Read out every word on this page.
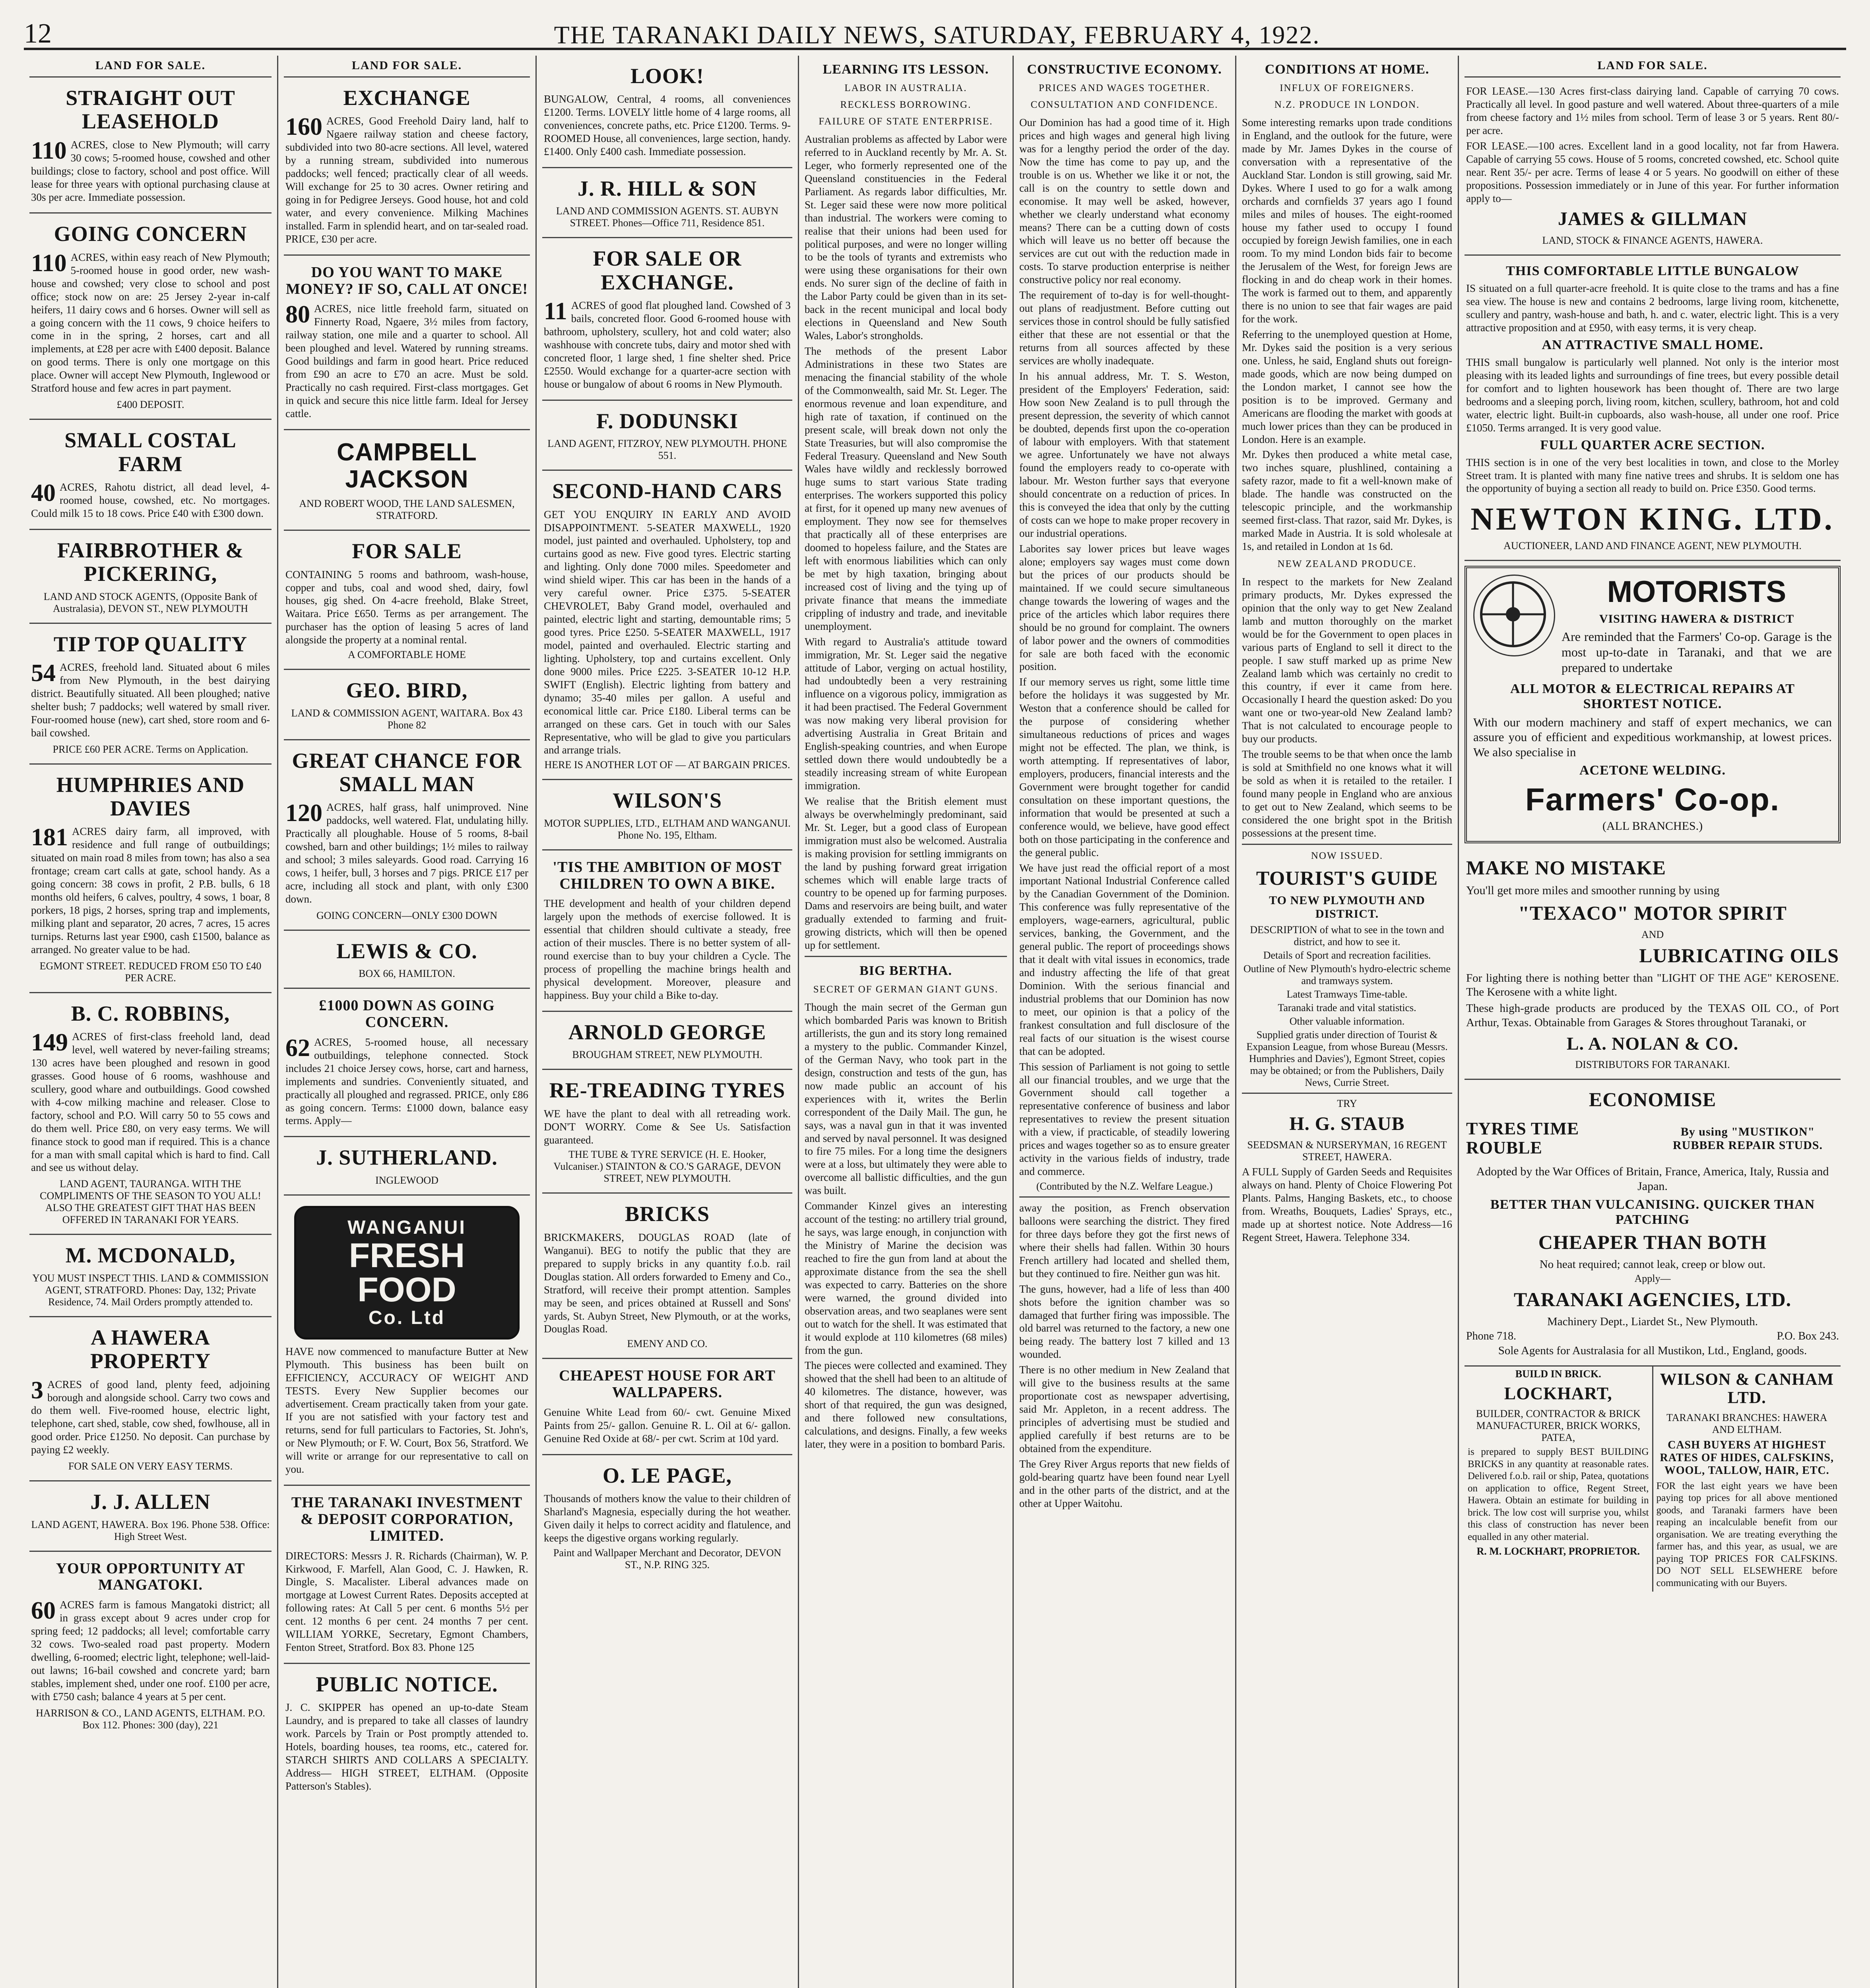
12	THE TARANAKI DAILY NEWS, SATURDAY, FEBRUARY 4, 1922.
LAND FOR SALE.
STRAIGHT OUT LEASEHOLD
110 ACRES, close to New Plymouth; will carry 30 cows; 5-roomed house, cowshed and other buildings; close to factory, school and post office. Will lease for three years with optional purchasing clause at 30s per acre. Immediate possession.
GOING CONCERN
110 ACRES, within easy reach of New Plymouth; 5-roomed house in good order, new wash-house and cowshed; very close to school and post office; stock now on are: 25 Jersey 2-year in-calf heifers, 11 dairy cows and 6 horses. Owner will sell as a going concern with the 11 cows, 9 choice heifers to come in in the spring, 2 horses, cart and all implements, at £28 per acre with £400 deposit. Balance on good terms. There is only one mortgage on this place. Owner will accept New Plymouth, Inglewood or Stratford house and few acres in part payment.
£400 DEPOSIT.
SMALL COSTAL FARM
40 ACRES, Rahotu district, all dead level, 4-roomed house, cowshed, etc. No mortgages. Could milk 15 to 18 cows. Price £40 with £300 down.
FAIRBROTHER & PICKERING,
LAND AND STOCK AGENTS, (Opposite Bank of Australasia), DEVON ST., NEW PLYMOUTH
TIP TOP QUALITY
54 ACRES, freehold land. Situated about 6 miles from New Plymouth, in the best dairying district. Beautifully situated. All been ploughed; native shelter bush; 7 paddocks; well watered by small river. Four-roomed house (new), cart shed, store room and 6-bail cowshed.
PRICE £60 PER ACRE. Terms on Application.
HUMPHRIES AND DAVIES
181 ACRES dairy farm, all improved, with residence and full range of outbuildings; situated on main road 8 miles from town; has also a sea frontage; cream cart calls at gate, school handy. As a going concern: 38 cows in profit, 2 P.B. bulls, 6 18 months old heifers, 6 calves, poultry, 4 sows, 1 boar, 8 porkers, 18 pigs, 2 horses, spring trap and implements, milking plant and separator, 20 acres, 7 acres, 15 acres turnips. Returns last year £900, cash £1500, balance as arranged. No greater value to be had.
EGMONT STREET. REDUCED FROM £50 TO £40 PER ACRE.
B. C. ROBBINS,
149 ACRES of first-class freehold land, dead level, well watered by never-failing streams; 130 acres have been ploughed and resown in good grasses. Good house of 6 rooms, washhouse and scullery, good whare and outbuildings. Good cowshed with 4-cow milking machine and releaser. Close to factory, school and P.O. Will carry 50 to 55 cows and do them well. Price £80, on very easy terms. We will finance stock to good man if required. This is a chance for a man with small capital which is hard to find. Call and see us without delay.
LAND AGENT, TAURANGA. WITH THE COMPLIMENTS OF THE SEASON TO YOU ALL! ALSO THE GREATEST GIFT THAT HAS BEEN OFFERED IN TARANAKI FOR YEARS.
M. MCDONALD,
YOU MUST INSPECT THIS. LAND & COMMISSION AGENT, STRATFORD. Phones: Day, 132; Private Residence, 74. Mail Orders promptly attended to.
A HAWERA PROPERTY
3 ACRES of good land, plenty feed, adjoining borough and alongside school. Carry two cows and do them well. Five-roomed house, electric light, telephone, cart shed, stable, cow shed, fowlhouse, all in good order. Price £1250. No deposit. Can purchase by paying £2 weekly.
FOR SALE ON VERY EASY TERMS.
J. J. ALLEN
LAND AGENT, HAWERA. Box 196. Phone 538. Office: High Street West.
YOUR OPPORTUNITY AT MANGATOKI.
60 ACRES farm is famous Mangatoki district; all in grass except about 9 acres under crop for spring feed; 12 paddocks; all level; comfortable carry 32 cows. Two-sealed road past property. Modern dwelling, 6-roomed; electric light, telephone; well-laid-out lawns; 16-bail cowshed and concrete yard; barn stables, implement shed, under one roof. £100 per acre, with £750 cash; balance 4 years at 5 per cent.
HARRISON & CO., LAND AGENTS, ELTHAM. P.O. Box 112. Phones: 300 (day), 221
LAND FOR SALE.
EXCHANGE
160 ACRES, Good Freehold Dairy land, half to Ngaere railway station and cheese factory, subdivided into two 80-acre sections. All level, watered by a running stream, subdivided into numerous paddocks; well fenced; practically clear of all weeds. Will exchange for 25 to 30 acres. Owner retiring and going in for Pedigree Jerseys. Good house, hot and cold water, and every convenience. Milking Machines installed. Farm in splendid heart, and on tar-sealed road. PRICE, £30 per acre.
DO YOU WANT TO MAKE MONEY? IF SO, CALL AT ONCE!
80 ACRES, nice little freehold farm, situated on Finnerty Road, Ngaere, 3½ miles from factory, railway station, one mile and a quarter to school. All been ploughed and level. Watered by running streams. Good buildings and farm in good heart. Price reduced from £90 an acre to £70 an acre. Must be sold. Practically no cash required. First-class mortgages. Get in quick and secure this nice little farm. Ideal for Jersey cattle.
CAMPBELL JACKSON
AND ROBERT WOOD, THE LAND SALESMEN, STRATFORD.
FOR SALE
CONTAINING 5 rooms and bathroom, wash-house, copper and tubs, coal and wood shed, dairy, fowl houses, gig shed. On 4-acre freehold, Blake Street, Waitara. Price £650. Terms as per arrangement. The purchaser has the option of leasing 5 acres of land alongside the property at a nominal rental.
A COMFORTABLE HOME
GEO. BIRD,
LAND & COMMISSION AGENT, WAITARA. Box 43 Phone 82
GREAT CHANCE FOR SMALL MAN
120 ACRES, half grass, half unimproved. Nine paddocks, well watered. Flat, undulating hilly. Practically all ploughable. House of 5 rooms, 8-bail cowshed, barn and other buildings; 1½ miles to railway and school; 3 miles saleyards. Good road. Carrying 16 cows, 1 heifer, bull, 3 horses and 7 pigs. PRICE £17 per acre, including all stock and plant, with only £300 down.
GOING CONCERN—ONLY £300 DOWN
LEWIS & CO.
BOX 66, HAMILTON.
£1000 DOWN AS GOING CONCERN.
62 ACRES, 5-roomed house, all necessary outbuildings, telephone connected. Stock includes 21 choice Jersey cows, horse, cart and harness, implements and sundries. Conveniently situated, and practically all ploughed and regrassed. PRICE, only £86 as going concern. Terms: £1000 down, balance easy terms. Apply—
J. SUTHERLAND.
INGLEWOOD
WANGANUI
FRESH FOOD
Co. Ltd
HAVE now commenced to manufacture Butter at New Plymouth. This business has been built on EFFICIENCY, ACCURACY OF WEIGHT AND TESTS. Every New Supplier becomes our advertisement. Cream practically taken from your gate. If you are not satisfied with your factory test and returns, send for full particulars to Factories, St. John's, or New Plymouth; or F. W. Court, Box 56, Stratford. We will write or arrange for our representative to call on you.
THE TARANAKI INVESTMENT & DEPOSIT CORPORATION, LIMITED.
DIRECTORS: Messrs J. R. Richards (Chairman), W. P. Kirkwood, F. Marfell, Alan Good, C. J. Hawken, R. Dingle, S. Macalister. Liberal advances made on mortgage at Lowest Current Rates. Deposits accepted at following rates: At Call 5 per cent. 6 months 5½ per cent. 12 months 6 per cent. 24 months 7 per cent. WILLIAM YORKE, Secretary, Egmont Chambers, Fenton Street, Stratford. Box 83. Phone 125
PUBLIC NOTICE.
J. C. SKIPPER has opened an up-to-date Steam Laundry, and is prepared to take all classes of laundry work. Parcels by Train or Post promptly attended to. Hotels, boarding houses, tea rooms, etc., catered for. STARCH SHIRTS AND COLLARS A SPECIALTY. Address— HIGH STREET, ELTHAM. (Opposite Patterson's Stables).
LOOK!
BUNGALOW, Central, 4 rooms, all conveniences £1200. Terms. LOVELY little home of 4 large rooms, all conveniences, concrete paths, etc. Price £1200. Terms. 9-ROOMED House, all conveniences, large section, handy. £1400. Only £400 cash. Immediate possession.
J. R. HILL & SON
LAND AND COMMISSION AGENTS. ST. AUBYN STREET. Phones—Office 711, Residence 851.
FOR SALE OR EXCHANGE.
11 ACRES of good flat ploughed land. Cowshed of 3 bails, concreted floor. Good 6-roomed house with bathroom, upholstery, scullery, hot and cold water; also washhouse with concrete tubs, dairy and motor shed with concreted floor, 1 large shed, 1 fine shelter shed. Price £2550. Would exchange for a quarter-acre section with house or bungalow of about 6 rooms in New Plymouth.
F. DODUNSKI
LAND AGENT, FITZROY, NEW PLYMOUTH. PHONE 551.
SECOND-HAND CARS
GET YOU ENQUIRY IN EARLY AND AVOID DISAPPOINTMENT. 5-SEATER MAXWELL, 1920 model, just painted and overhauled. Upholstery, top and curtains good as new. Five good tyres. Electric starting and lighting. Only done 7000 miles. Speedometer and wind shield wiper. This car has been in the hands of a very careful owner. Price £375. 5-SEATER CHEVROLET, Baby Grand model, overhauled and painted, electric light and starting, demountable rims; 5 good tyres. Price £250. 5-SEATER MAXWELL, 1917 model, painted and overhauled. Electric starting and lighting. Upholstery, top and curtains excellent. Only done 9000 miles. Price £225. 3-SEATER 10-12 H.P. SWIFT (English). Electric lighting from battery and dynamo; 35-40 miles per gallon. A useful and economical little car. Price £180. Liberal terms can be arranged on these cars. Get in touch with our Sales Representative, who will be glad to give you particulars and arrange trials.
HERE IS ANOTHER LOT OF — AT BARGAIN PRICES.
WILSON'S
MOTOR SUPPLIES, LTD., ELTHAM AND WANGANUI. Phone No. 195, Eltham.
'TIS THE AMBITION OF MOST CHILDREN TO OWN A BIKE.
THE development and health of your children depend largely upon the methods of exercise followed. It is essential that children should cultivate a steady, free action of their muscles. There is no better system of all-round exercise than to buy your children a Cycle. The process of propelling the machine brings health and physical development. Moreover, pleasure and happiness. Buy your child a Bike to-day.
ARNOLD GEORGE
BROUGHAM STREET, NEW PLYMOUTH.
RE-TREADING TYRES
WE have the plant to deal with all retreading work. DON'T WORRY. Come & See Us. Satisfaction guaranteed.
THE TUBE & TYRE SERVICE (H. E. Hooker, Vulcaniser.) STAINTON & CO.'S GARAGE, DEVON STREET, NEW PLYMOUTH.
BRICKS
BRICKMAKERS, DOUGLAS ROAD (late of Wanganui). BEG to notify the public that they are prepared to supply bricks in any quantity f.o.b. rail Douglas station. All orders forwarded to Emeny and Co., Stratford, will receive their prompt attention. Samples may be seen, and prices obtained at Russell and Sons' yards, St. Aubyn Street, New Plymouth, or at the works, Douglas Road.
EMENY AND CO.
CHEAPEST HOUSE FOR ART WALLPAPERS.
Genuine White Lead from 60/- cwt. Genuine Mixed Paints from 25/- gallon. Genuine R. L. Oil at 6/- gallon. Genuine Red Oxide at 68/- per cwt. Scrim at 10d yard.
O. LE PAGE,
Thousands of mothers know the value to their children of Sharland's Magnesia, especially during the hot weather. Given daily it helps to correct acidity and flatulence, and keeps the digestive organs working regularly.
Paint and Wallpaper Merchant and Decorator, DEVON ST., N.P. RING 325.
LEARNING ITS LESSON.
LABOR IN AUSTRALIA.
RECKLESS BORROWING.
FAILURE OF STATE ENTERPRISE.
Australian problems as affected by Labor were referred to in Auckland recently by Mr. A. St. Leger, who formerly represented one of the Queensland constituencies in the Federal Parliament. As regards labor difficulties, Mr. St. Leger said these were now more political than industrial. The workers were coming to realise that their unions had been used for political purposes, and were no longer willing to be the tools of tyrants and extremists who were using these organisations for their own ends. No surer sign of the decline of faith in the Labor Party could be given than in its set-back in the recent municipal and local body elections in Queensland and New South Wales, Labor's strongholds.
The methods of the present Labor Administrations in these two States are menacing the financial stability of the whole of the Commonwealth, said Mr. St. Leger. The enormous revenue and loan expenditure, and high rate of taxation, if continued on the present scale, will break down not only the State Treasuries, but will also compromise the Federal Treasury. Queensland and New South Wales have wildly and recklessly borrowed huge sums to start various State trading enterprises. The workers supported this policy at first, for it opened up many new avenues of employment. They now see for themselves that practically all of these enterprises are doomed to hopeless failure, and the States are left with enormous liabilities which can only be met by high taxation, bringing about increased cost of living and the tying up of private finance that means the immediate crippling of industry and trade, and inevitable unemployment.
With regard to Australia's attitude toward immigration, Mr. St. Leger said the negative attitude of Labor, verging on actual hostility, had undoubtedly been a very restraining influence on a vigorous policy, immigration as it had been practised. The Federal Government was now making very liberal provision for advertising Australia in Great Britain and English-speaking countries, and when Europe settled down there would undoubtedly be a steadily increasing stream of white European immigration.
We realise that the British element must always be overwhelmingly predominant, said Mr. St. Leger, but a good class of European immigration must also be welcomed. Australia is making provision for settling immigrants on the land by pushing forward great irrigation schemes which will enable large tracts of country to be opened up for farming purposes. Dams and reservoirs are being built, and water gradually extended to farming and fruit-growing districts, which will then be opened up for settlement.
BIG BERTHA.
SECRET OF GERMAN GIANT GUNS.
Though the main secret of the German gun which bombarded Paris was known to British artillerists, the gun and its story long remained a mystery to the public. Commander Kinzel, of the German Navy, who took part in the design, construction and tests of the gun, has now made public an account of his experiences with it, writes the Berlin correspondent of the Daily Mail. The gun, he says, was a naval gun in that it was invented and served by naval personnel. It was designed to fire 75 miles. For a long time the designers were at a loss, but ultimately they were able to overcome all ballistic difficulties, and the gun was built.
Commander Kinzel gives an interesting account of the testing: no artillery trial ground, he says, was large enough, in conjunction with the Ministry of Marine the decision was reached to fire the gun from land at about the approximate distance from the sea the shell was expected to carry. Batteries on the shore were warned, the ground divided into observation areas, and two seaplanes were sent out to watch for the shell. It was estimated that it would explode at 110 kilometres (68 miles) from the gun.
The pieces were collected and examined. They showed that the shell had been to an altitude of 40 kilometres. The distance, however, was short of that required, the gun was designed, and there followed new consultations, calculations, and designs. Finally, a few weeks later, they were in a position to bombard Paris.
CONSTRUCTIVE ECONOMY.
PRICES AND WAGES TOGETHER.
CONSULTATION AND CONFIDENCE.
Our Dominion has had a good time of it. High prices and high wages and general high living was for a lengthy period the order of the day. Now the time has come to pay up, and the trouble is on us. Whether we like it or not, the call is on the country to settle down and economise. It may well be asked, however, whether we clearly understand what economy means? There can be a cutting down of costs which will leave us no better off because the services are cut out with the reduction made in costs. To starve production enterprise is neither constructive policy nor real economy.
The requirement of to-day is for well-thought-out plans of readjustment. Before cutting out services those in control should be fully satisfied either that these are not essential or that the returns from all sources affected by these services are wholly inadequate.
In his annual address, Mr. T. S. Weston, president of the Employers' Federation, said: How soon New Zealand is to pull through the present depression, the severity of which cannot be doubted, depends first upon the co-operation of labour with employers. With that statement we agree. Unfortunately we have not always found the employers ready to co-operate with labour. Mr. Weston further says that everyone should concentrate on a reduction of prices. In this is conveyed the idea that only by the cutting of costs can we hope to make proper recovery in our industrial operations.
Laborites say lower prices but leave wages alone; employers say wages must come down but the prices of our products should be maintained. If we could secure simultaneous change towards the lowering of wages and the price of the articles which labor requires there should be no ground for complaint. The owners of labor power and the owners of commodities for sale are both faced with the economic position.
If our memory serves us right, some little time before the holidays it was suggested by Mr. Weston that a conference should be called for the purpose of considering whether simultaneous reductions of prices and wages might not be effected. The plan, we think, is worth attempting. If representatives of labor, employers, producers, financial interests and the Government were brought together for candid consultation on these important questions, the information that would be presented at such a conference would, we believe, have good effect both on those participating in the conference and the general public.
We have just read the official report of a most important National Industrial Conference called by the Canadian Government of the Dominion. This conference was fully representative of the employers, wage-earners, agricultural, public services, banking, the Government, and the general public. The report of proceedings shows that it dealt with vital issues in economics, trade and industry affecting the life of that great Dominion. With the serious financial and industrial problems that our Dominion has now to meet, our opinion is that a policy of the frankest consultation and full disclosure of the real facts of our situation is the wisest course that can be adopted.
This session of Parliament is not going to settle all our financial troubles, and we urge that the Government should call together a representative conference of business and labor representatives to review the present situation with a view, if practicable, of steadily lowering prices and wages together so as to ensure greater activity in the various fields of industry, trade and commerce.
(Contributed by the N.Z. Welfare League.)
away the position, as French observation balloons were searching the district. They fired for three days before they got the first news of where their shells had fallen. Within 30 hours French artillery had located and shelled them, but they continued to fire. Neither gun was hit.
The guns, however, had a life of less than 400 shots before the ignition chamber was so damaged that further firing was impossible. The old barrel was returned to the factory, a new one being ready. The battery lost 7 killed and 13 wounded.
There is no other medium in New Zealand that will give to the business results at the same proportionate cost as newspaper advertising, said Mr. Appleton, in a recent address. The principles of advertising must be studied and applied carefully if best returns are to be obtained from the expenditure.
The Grey River Argus reports that new fields of gold-bearing quartz have been found near Lyell and in the other parts of the district, and at the other at Upper Waitohu.
CONDITIONS AT HOME.
INFLUX OF FOREIGNERS.
N.Z. PRODUCE IN LONDON.
Some interesting remarks upon trade conditions in England, and the outlook for the future, were made by Mr. James Dykes in the course of conversation with a representative of the Auckland Star. London is still growing, said Mr. Dykes. Where I used to go for a walk among orchards and cornfields 37 years ago I found miles and miles of houses. The eight-roomed house my father used to occupy I found occupied by foreign Jewish families, one in each room. To my mind London bids fair to become the Jerusalem of the West, for foreign Jews are flocking in and do cheap work in their homes. The work is farmed out to them, and apparently there is no union to see that fair wages are paid for the work.
Referring to the unemployed question at Home, Mr. Dykes said the position is a very serious one. Unless, he said, England shuts out foreign-made goods, which are now being dumped on the London market, I cannot see how the position is to be improved. Germany and Americans are flooding the market with goods at much lower prices than they can be produced in London. Here is an example.
Mr. Dykes then produced a white metal case, two inches square, plushlined, containing a safety razor, made to fit a well-known make of blade. The handle was constructed on the telescopic principle, and the workmanship seemed first-class. That razor, said Mr. Dykes, is marked Made in Austria. It is sold wholesale at 1s, and retailed in London at 1s 6d.
NEW ZEALAND PRODUCE.
In respect to the markets for New Zealand primary products, Mr. Dykes expressed the opinion that the only way to get New Zealand lamb and mutton thoroughly on the market would be for the Government to open places in various parts of England to sell it direct to the people. I saw stuff marked up as prime New Zealand lamb which was certainly no credit to this country, if ever it came from here. Occasionally I heard the question asked: Do you want one or two-year-old New Zealand lamb? That is not calculated to encourage people to buy our products.
The trouble seems to be that when once the lamb is sold at Smithfield no one knows what it will be sold as when it is retailed to the retailer. I found many people in England who are anxious to get out to New Zealand, which seems to be considered the one bright spot in the British possessions at the present time.
NOW ISSUED.
TOURIST'S GUIDE
TO NEW PLYMOUTH AND DISTRICT.
DESCRIPTION of what to see in the town and district, and how to see it.
Details of Sport and recreation facilities.
Outline of New Plymouth's hydro-electric scheme and tramways system.
Latest Tramways Time-table.
Taranaki trade and vital statistics.
Other valuable information.
Supplied gratis under direction of Tourist & Expansion League, from whose Bureau (Messrs. Humphries and Davies'), Egmont Street, copies may be obtained; or from the Publishers, Daily News, Currie Street.
TRY
H. G. STAUB
SEEDSMAN & NURSERYMAN, 16 REGENT STREET, HAWERA.
A FULL Supply of Garden Seeds and Requisites always on hand. Plenty of Choice Flowering Pot Plants. Palms, Hanging Baskets, etc., to choose from. Wreaths, Bouquets, Ladies' Sprays, etc., made up at shortest notice. Note Address—16 Regent Street, Hawera. Telephone 334.
LAND FOR SALE.
FOR LEASE.—130 Acres first-class dairying land. Capable of carrying 70 cows. Practically all level. In good pasture and well watered. About three-quarters of a mile from cheese factory and 1½ miles from school. Term of lease 3 or 5 years. Rent 80/- per acre.
FOR LEASE.—100 acres. Excellent land in a good locality, not far from Hawera. Capable of carrying 55 cows. House of 5 rooms, concreted cowshed, etc. School quite near. Rent 35/- per acre. Terms of lease 4 or 5 years. No goodwill on either of these propositions. Possession immediately or in June of this year. For further information apply to—
JAMES & GILLMAN
LAND, STOCK & FINANCE AGENTS, HAWERA.
THIS COMFORTABLE LITTLE BUNGALOW
IS situated on a full quarter-acre freehold. It is quite close to the trams and has a fine sea view. The house is new and contains 2 bedrooms, large living room, kitchenette, scullery and pantry, wash-house and bath, h. and c. water, electric light. This is a very attractive proposition and at £950, with easy terms, it is very cheap.
AN ATTRACTIVE SMALL HOME.
THIS small bungalow is particularly well planned. Not only is the interior most pleasing with its leaded lights and surroundings of fine trees, but every possible detail for comfort and to lighten housework has been thought of. There are two large bedrooms and a sleeping porch, living room, kitchen, scullery, bathroom, hot and cold water, electric light. Built-in cupboards, also wash-house, all under one roof. Price £1050. Terms arranged. It is very good value.
FULL QUARTER ACRE SECTION.
THIS section is in one of the very best localities in town, and close to the Morley Street tram. It is planted with many fine native trees and shrubs. It is seldom one has the opportunity of buying a section all ready to build on. Price £350. Good terms.
NEWTON KING. LTD.
AUCTIONEER, LAND AND FINANCE AGENT, NEW PLYMOUTH.
MOTORISTS
VISITING HAWERA & DISTRICT
Are reminded that the Farmers' Co-op. Garage is the most up-to-date in Taranaki, and that we are prepared to undertake
ALL MOTOR & ELECTRICAL REPAIRS AT SHORTEST NOTICE.
With our modern machinery and staff of expert mechanics, we can assure you of efficient and expeditious workmanship, at lowest prices. We also specialise in
ACETONE WELDING.
Farmers' Co-op.
(ALL BRANCHES.)
MAKE NO MISTAKE
You'll get more miles and smoother running by using
"TEXACO" MOTOR SPIRIT
AND
LUBRICATING OILS
For lighting there is nothing better than "LIGHT OF THE AGE" KEROSENE. The Kerosene with a white light.
These high-grade products are produced by the TEXAS OIL CO., of Port Arthur, Texas. Obtainable from Garages & Stores throughout Taranaki, or
L. A. NOLAN & CO.
DISTRIBUTORS FOR TARANAKI.
ECONOMISE
TYRES TIME ROUBLE
By using "MUSTIKON" RUBBER REPAIR STUDS.
Adopted by the War Offices of Britain, France, America, Italy, Russia and Japan.
BETTER THAN VULCANISING. QUICKER THAN PATCHING
CHEAPER THAN BOTH
No heat required; cannot leak, creep or blow out.
Apply—
TARANAKI AGENCIES, LTD.
Machinery Dept., Liardet St., New Plymouth.
Phone 718.	P.O. Box 243.
Sole Agents for Australasia for all Mustikon, Ltd., England, goods.
BUILD IN BRICK.
LOCKHART,
BUILDER, CONTRACTOR & BRICK MANUFACTURER, BRICK WORKS, PATEA,
is prepared to supply BEST BUILDING BRICKS in any quantity at reasonable rates. Delivered f.o.b. rail or ship, Patea, quotations on application to office, Regent Street, Hawera. Obtain an estimate for building in brick. The low cost will surprise you, whilst this class of construction has never been equalled in any other material.
R. M. LOCKHART, PROPRIETOR.
WILSON & CANHAM LTD.
TARANAKI BRANCHES: HAWERA AND ELTHAM.
CASH BUYERS AT HIGHEST RATES OF HIDES, CALFSKINS, WOOL, TALLOW, HAIR, ETC.
FOR the last eight years we have been paying top prices for all above mentioned goods, and Taranaki farmers have been reaping an incalculable benefit from our organisation. We are treating everything the farmer has, and this year, as usual, we are paying TOP PRICES FOR CALFSKINS. DO NOT SELL ELSEWHERE before communicating with our Buyers.
